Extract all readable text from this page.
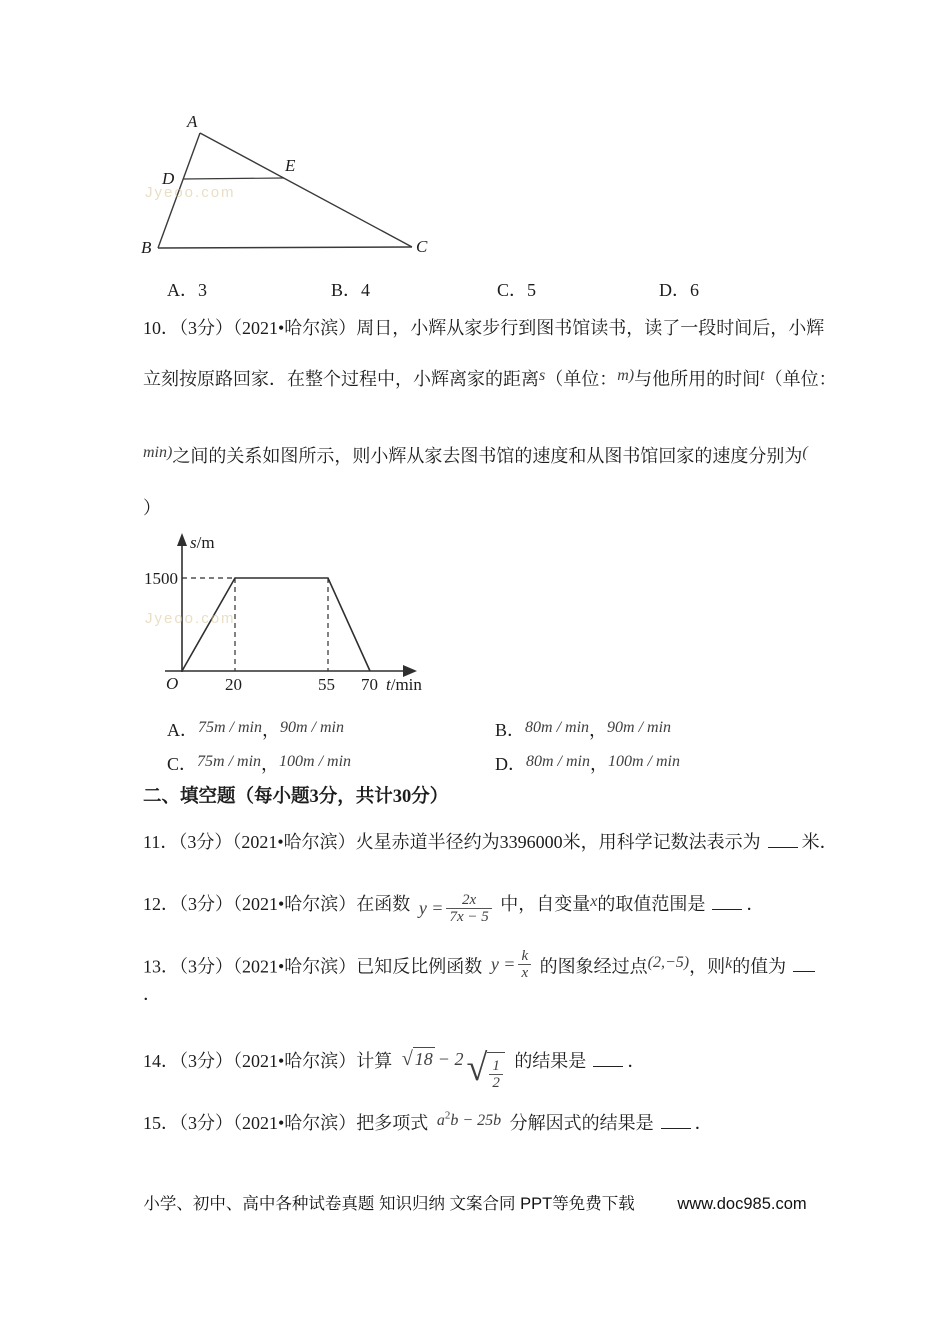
A
B	C
D
E
Jyeoo.com
A．3	B．4	C．5	D．6
10．（3分）（2021•哈尔滨）周日，小辉从家步行到图书馆读书，读了一段时间后，小辉
立刻按原路回家．在整个过程中，小辉离家的距离s（单位：m)与他所用的时间t（单位：
min)之间的关系如图所示，则小辉从家去图书馆的速度和从图书馆回家的速度分别为(
）
s/m
1500
O	20	55 70 t/min
Jyeoo.com
A．75m / min，90m / min	B．80m / min，90m / min
C．75m / min，100m / min	D．80m / min，100m / min
二、填空题（每小题3分，共计30分）
11．（3分）（2021•哈尔滨）火星赤道半径约为3396000米，用科学记数法表示为 米．
12．（3分）（2021•哈尔滨）在函数 $y = \frac{2x}{7x - 5}$ 中，自变量x的取值范围是 ．
13．（3分）（2021•哈尔滨）已知反比例函数 $y = \frac{k}{x}$ 的图象经过点(2,−5)，则k的值为
．
14．（3分）（2021•哈尔滨）计算 √ 18 − 2 √ $\frac{1}{2}$ 的结果是 ．
15．（3分）（2021•哈尔滨）把多项式 $a^2b - 25b$ 分解因式的结果是 ．
小学、初中、高中各种试卷真题 知识归纳 文案合同 PPT等免费下载	www.doc985.com
